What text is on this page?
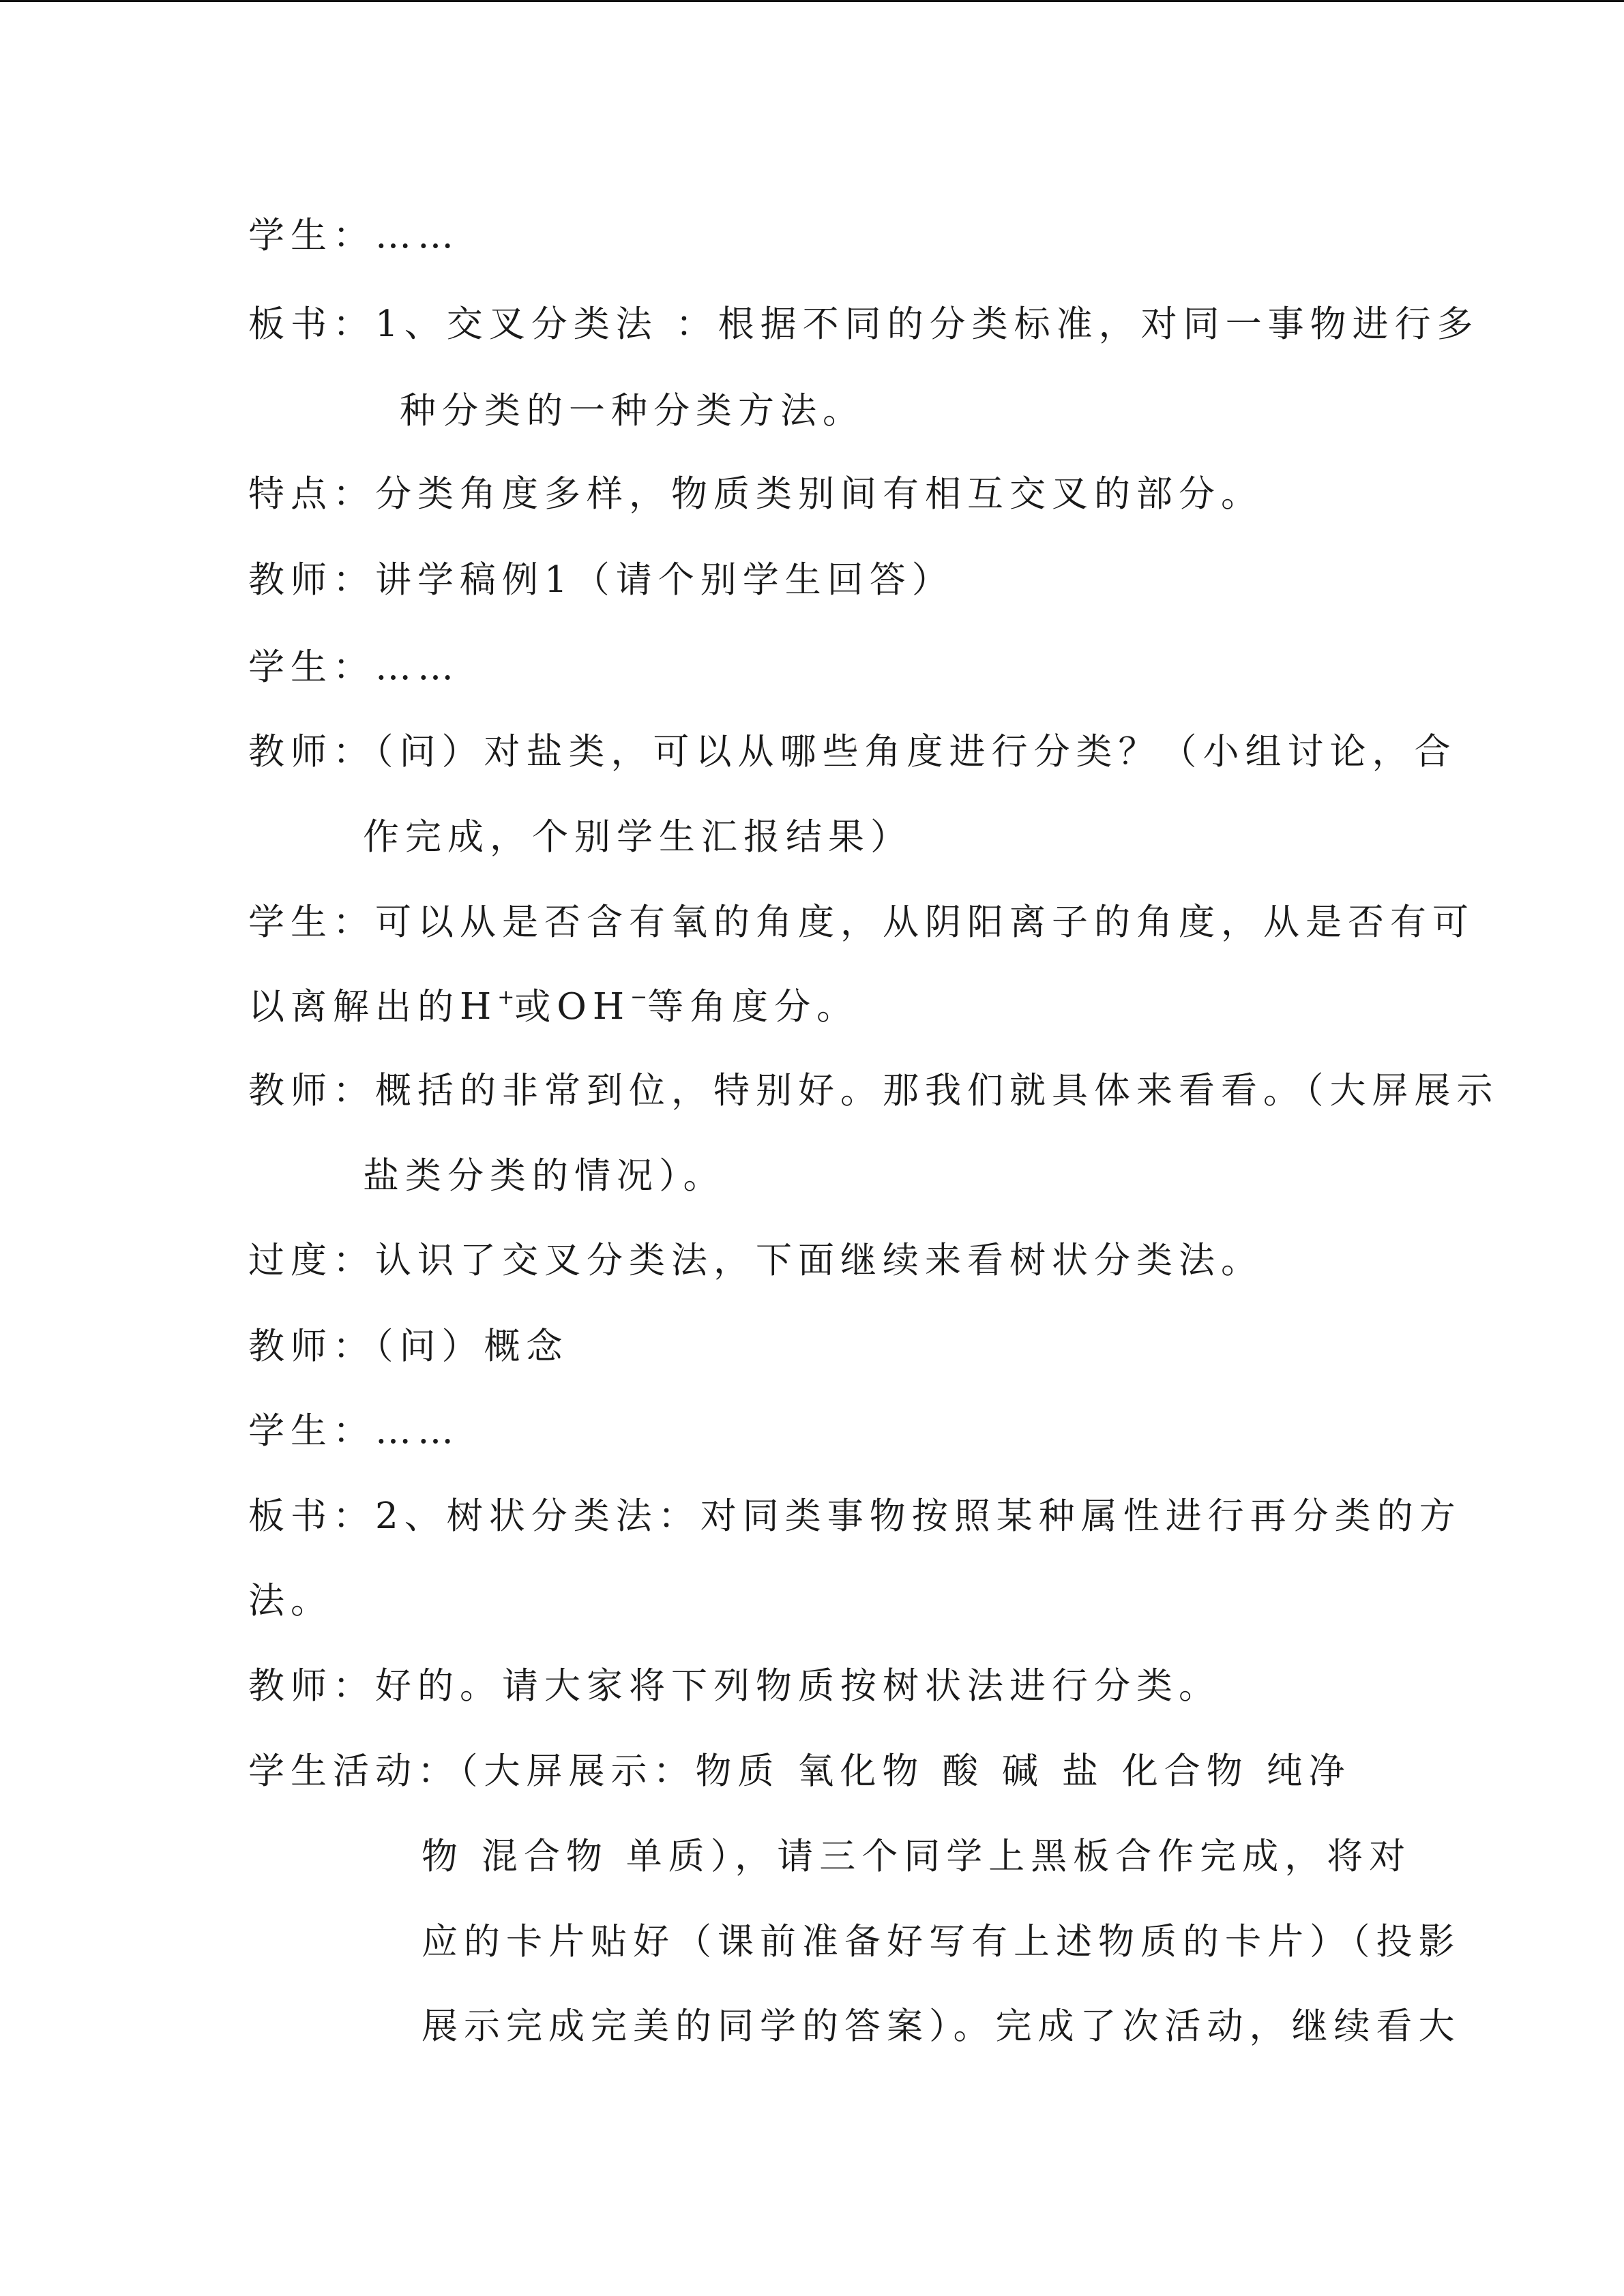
学生：……
板书：1、交叉分类法 ：根据不同的分类标准，对同一事物进行多
种分类的一种分类方法。
特点：分类角度多样，物质类别间有相互交叉的部分。
教师：讲学稿例1（请个别学生回答）
学生：……
教师：（问）对盐类，可以从哪些角度进行分类？（小组讨论，合
作完成，个别学生汇报结果）
学生：可以从是否含有氧的角度，从阴阳离子的角度，从是否有可
以离解出的H+或OH−等角度分。
教师：概括的非常到位，特别好。那我们就具体来看看。（大屏展示
盐类分类的情况）。
过度：认识了交叉分类法，下面继续来看树状分类法。
教师：（问）概念
学生：……
板书：2、树状分类法：对同类事物按照某种属性进行再分类的方
法。
教师：好的。请大家将下列物质按树状法进行分类。
学生活动：（大屏展示：物质 氧化物 酸 碱 盐 化合物 纯净
物 混合物 单质），请三个同学上黑板合作完成，将对
应的卡片贴好（课前准备好写有上述物质的卡片）（投影
展示完成完美的同学的答案）。完成了次活动，继续看大
